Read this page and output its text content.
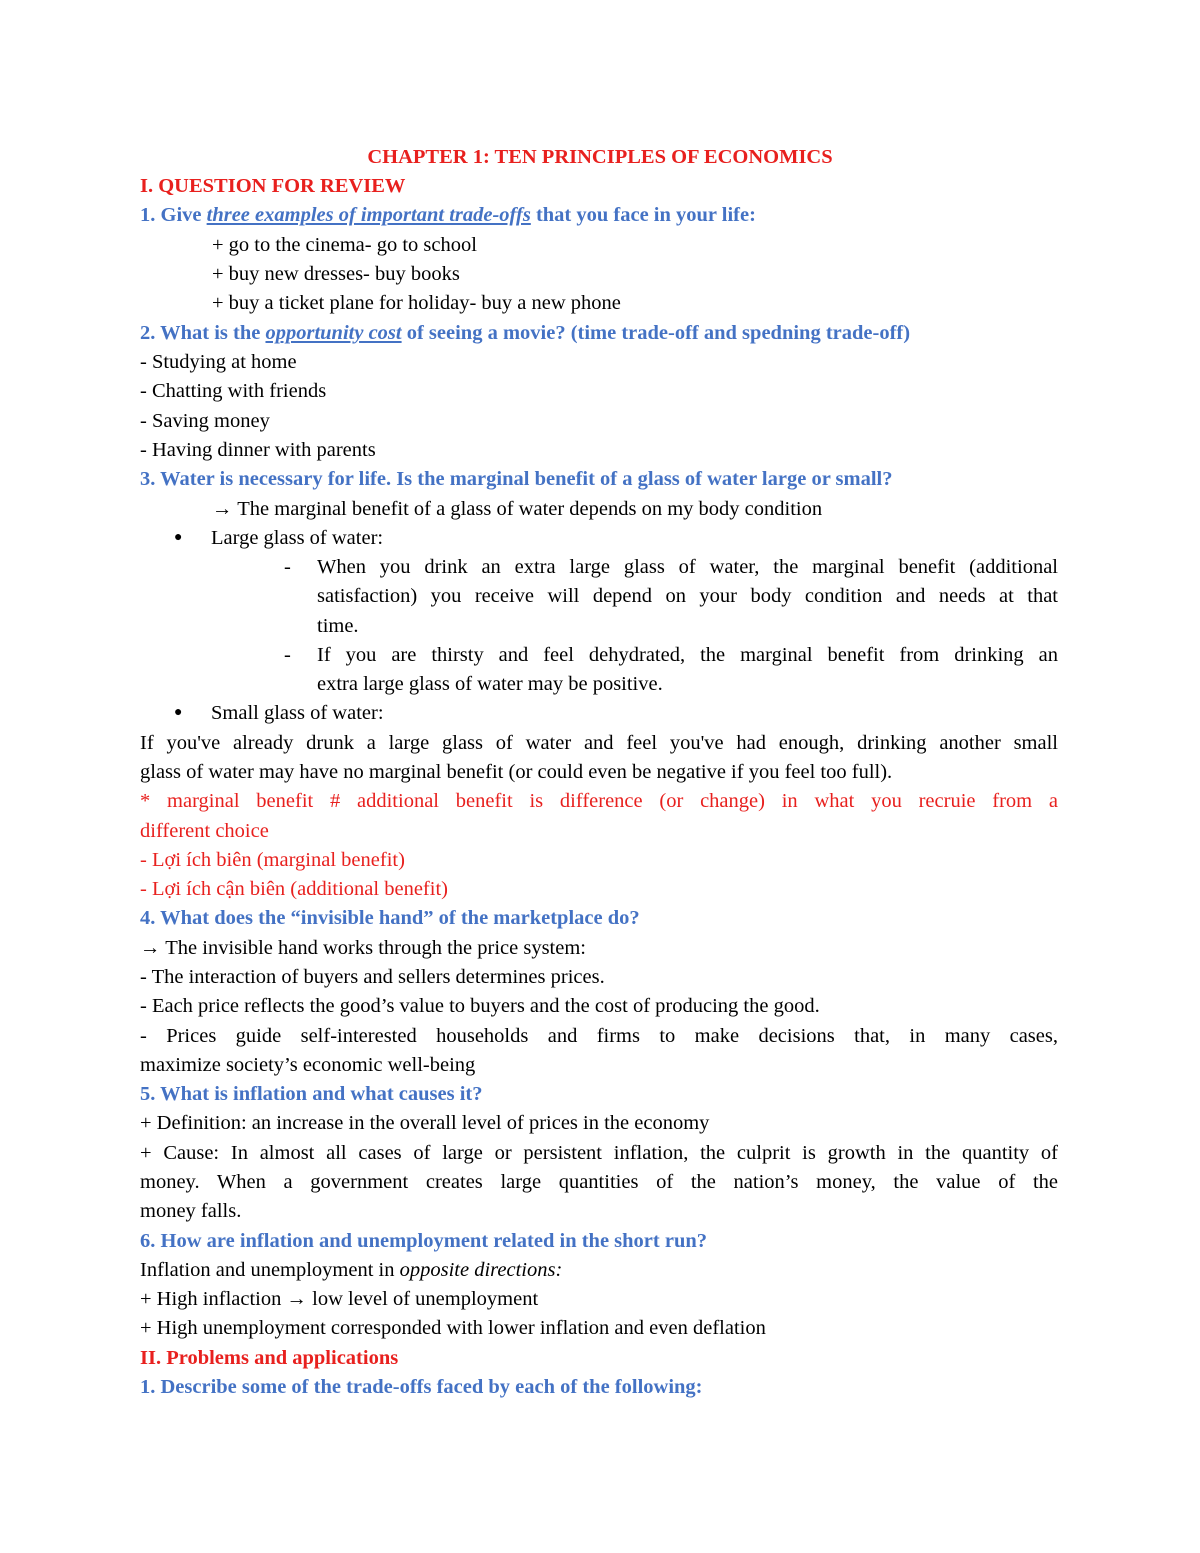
CHAPTER 1: TEN PRINCIPLES OF ECONOMICS
I. QUESTION FOR REVIEW
1. Give three examples of important trade-offs that you face in your life:
+ go to the cinema- go to school
+ buy new dresses- buy books
+ buy a ticket plane for holiday- buy a new phone
2. What is the opportunity cost of seeing a movie? (time trade-off and spedning trade-off)
- Studying at home
- Chatting with friends
- Saving money
- Having dinner with parents
3. Water is necessary for life. Is the marginal benefit of a glass of water large or small?
→ The marginal benefit of a glass of water depends on my body condition
● Large glass of water:
- When you drink an extra large glass of water, the marginal benefit (additional
satisfaction) you receive will depend on your body condition and needs at that
time.
- If you are thirsty and feel dehydrated, the marginal benefit from drinking an
extra large glass of water may be positive.
● Small glass of water:
If you've already drunk a large glass of water and feel you've had enough, drinking another small
glass of water may have no marginal benefit (or could even be negative if you feel too full).
* marginal benefit # additional benefit is difference (or change) in what you recruie from a
different choice
- Lợi ích biên (marginal benefit)
- Lợi ích cận biên (additional benefit)
4. What does the “invisible hand” of the marketplace do?
→ The invisible hand works through the price system:
- The interaction of buyers and sellers determines prices.
- Each price reflects the good’s value to buyers and the cost of producing the good.
- Prices guide self-interested households and firms to make decisions that, in many cases,
maximize society’s economic well-being
5. What is inflation and what causes it?
+ Definition: an increase in the overall level of prices in the economy
+ Cause: In almost all cases of large or persistent inflation, the culprit is growth in the quantity of
money. When a government creates large quantities of the nation’s money, the value of the
money falls.
6. How are inflation and unemployment related in the short run?
Inflation and unemployment in opposite directions:
+ High inflaction → low level of unemployment
+ High unemployment corresponded with lower inflation and even deflation
II. Problems and applications
1. Describe some of the trade-offs faced by each of the following:
